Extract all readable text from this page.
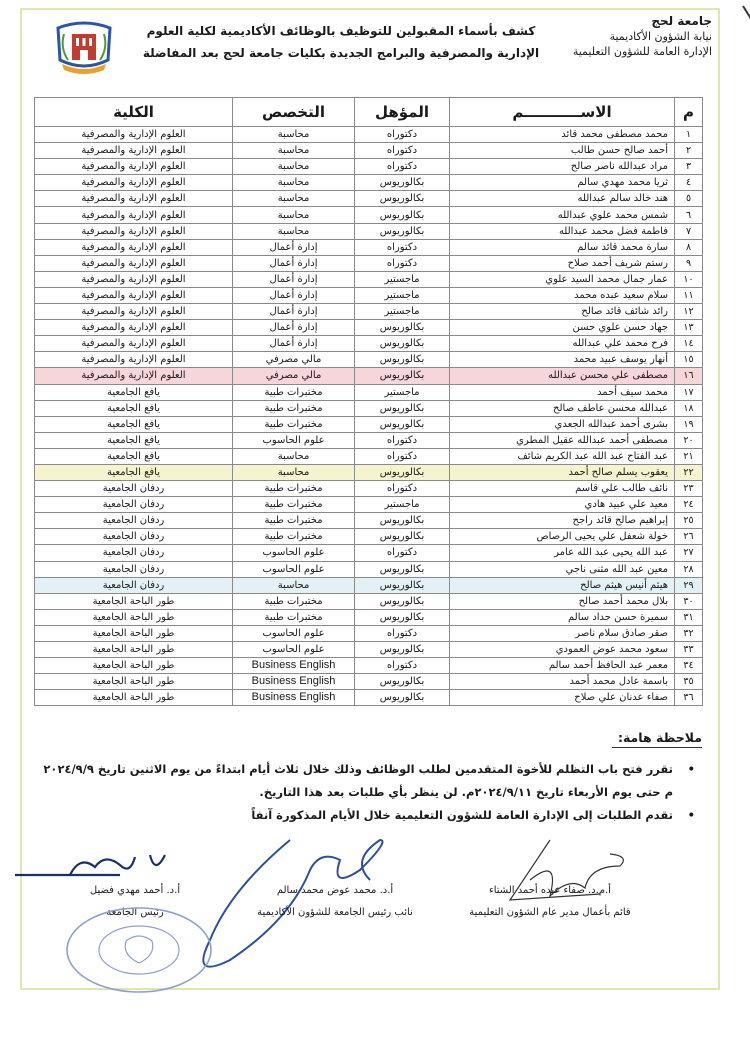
جامعة لحج
نيابة الشؤون الأكاديمية
الإدارة العامة للشؤون التعليمية
كشف بأسماء المقبولين للتوظيف بالوظائف الأكاديمية لكلية العلوم
الإدارية والمصرفية والبرامج الجديدة بكليات جامعة لحج بعد المفاضلة
م	الاســـــــــــم	المؤهل	التخصص	الكلية
١	محمد مصطفى محمد قائد	دكتوراه	محاسبة	العلوم الإدارية والمصرفية
٢	أحمد صالح حسن طالب	دكتوراه	محاسبة	العلوم الإدارية والمصرفية
٣	مراد عبدالله ناصر صالح	دكتوراه	محاسبة	العلوم الإدارية والمصرفية
٤	ثريا محمد مهدي سالم	بكالوريوس	محاسبة	العلوم الإدارية والمصرفية
٥	هند خالد سالم عبدالله	بكالوريوس	محاسبة	العلوم الإدارية والمصرفية
٦	شمس محمد علوي عبدالله	بكالوريوس	محاسبة	العلوم الإدارية والمصرفية
٧	فاطمة فضل محمد عبدالله	بكالوريوس	محاسبة	العلوم الإدارية والمصرفية
٨	سارة محمد قائد سالم	دكتوراه	إدارة أعمال	العلوم الإدارية والمصرفية
٩	رستم شريف أحمد صلاح	دكتوراه	إدارة أعمال	العلوم الإدارية والمصرفية
١٠	عمار جمال محمد السيد علوي	ماجستير	إدارة أعمال	العلوم الإدارية والمصرفية
١١	سلام سعيد عبده محمد	ماجستير	إدارة أعمال	العلوم الإدارية والمصرفية
١٢	رائد شائف قائد صالح	ماجستير	إدارة أعمال	العلوم الإدارية والمصرفية
١٣	جهاد حسن علوي حسن	بكالوريوس	إدارة أعمال	العلوم الإدارية والمصرفية
١٤	فرح محمد علي عبدالله	بكالوريوس	إدارة أعمال	العلوم الإدارية والمصرفية
١٥	أنهار يوسف عبيد محمد	بكالوريوس	مالي مصرفي	العلوم الإدارية والمصرفية
١٦	مصطفى علي محسن عبدالله	بكالوريوس	مالي مصرفي	العلوم الإدارية والمصرفية
١٧	محمد سيف أحمد	ماجستير	مختبرات طبية	يافع الجامعية
١٨	عبدالله محسن عاطف صالح	بكالوريوس	مختبرات طبية	يافع الجامعية
١٩	بشرى أحمد عبدالله الجعدي	بكالوريوس	مختبرات طبية	يافع الجامعية
٢٠	مصطفى أحمد عبدالله عقيل المطري	دكتوراه	علوم الحاسوب	يافع الجامعية
٢١	عبد الفتاح عبد الله عبد الكريم شائف	دكتوراه	محاسبة	يافع الجامعية
٢٢	يعقوب يسلم صالح أحمد	بكالوريوس	محاسبة	يافع الجامعية
٢٣	نائف طالب علي قاسم	دكتوراه	مختبرات طبية	ردفان الجامعية
٢٤	معيد علي عبيد هادي	ماجستير	مختبرات طبية	ردفان الجامعية
٢٥	إبراهيم صالح قائد راجح	بكالوريوس	مختبرات طبية	ردفان الجامعية
٢٦	خولة شعفل علي يحيى الرصاص	بكالوريوس	مختبرات طبية	ردفان الجامعية
٢٧	عبد الله يحيى عبد الله عامر	دكتوراه	علوم الحاسوب	ردفان الجامعية
٢٨	معين عبد الله مثنى ناجي	بكالوريوس	علوم الحاسوب	ردفان الجامعية
٢٩	هيثم أنيس هيثم صالح	بكالوريوس	محاسبة	ردفان الجامعية
٣٠	بلال محمد أحمد صالح	بكالوريوس	مختبرات طبية	طور الباحة الجامعية
٣١	سميرة حسن حداد سالم	بكالوريوس	مختبرات طبية	طور الباحة الجامعية
٣٢	صقر صادق سلام ناصر	دكتوراه	علوم الحاسوب	طور الباحة الجامعية
٣٣	سعود محمد عوض العمودي	بكالوريوس	علوم الحاسوب	طور الباحة الجامعية
٣٤	معمر عبد الحافظ أحمد سالم	دكتوراه	Business English	طور الباحة الجامعية
٣٥	باسمة عادل محمد أحمد	بكالوريوس	Business English	طور الباحة الجامعية
٣٦	صفاء عدنان علي صلاح	بكالوريوس	Business English	طور الباحة الجامعية
ملاحظة هامة:
•
تقرر فتح باب التظلم للأخوة المتقدمين لطلب الوظائف وذلك خلال ثلاث أيام ابتداءً من يوم الاثنين تاريخ ٢٠٢٤/٩/٩ م حتى يوم الأربعاء تاريخ ٢٠٢٤/٩/١١م. لن ينظر بأي طلبات بعد هذا التاريخ.
•
تقدم الطلبات إلى الإدارة العامة للشؤون التعليمية خلال الأيام المذكورة آنفاً
أ.م.د. صفاء عبده أحمد الشتاء
قائم بأعمال مدير عام الشؤون التعليمية
أ.د. محمد عوض محمد سالم
نائب رئيس الجامعة للشؤون الأكاديمية
أ.د. أحمد مهدي فضيل
رئيس الجامعة
